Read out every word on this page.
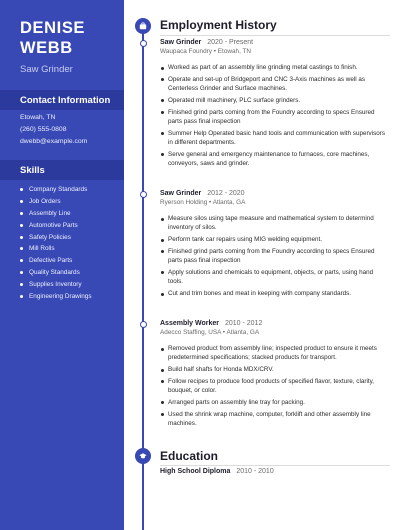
DENISE
WEBB
Saw Grinder
Contact Information
Etowah, TN
(260) 555-0808
dwebb@example.com
Skills
Company Standards
Job Orders
Assembly Line
Automotive Parts
Safety Policies
Mill Rolls
Defective Parts
Quality Standards
Supplies Inventory
Engineering Drawings
Employment History
Saw Grinder 2020 - Present
Waupaca Foundry • Etowah, TN
Worked as part of an assembly line grinding metal castings to finish.
Operate and set-up of Bridgeport and CNC 3-Axis machines as well as Centerless Grinder and Surface machines.
Operated mill machinery, PLC surface grinders.
Finished grind parts coming from the Foundry according to specs Ensured parts pass final inspection
Summer Help Operated basic hand tools and communication with supervisors in different departments.
Serve general and emergency maintenance to furnaces, core machines, conveyors, saws and grinder.
Saw Grinder 2012 - 2020
Ryerson Holding • Atlanta, GA
Measure silos using tape measure and mathematical system to determind inventory of silos.
Perform tank car repairs using MIG welding equipment.
Finished grind parts coming from the Foundry according to specs Ensured parts pass final inspection
Apply solutions and chemicals to equipment, objects, or parts, using hand tools.
Cut and trim bones and meat in keeping with company standards.
Assembly Worker 2010 - 2012
Adecco Staffing, USA • Atlanta, GA
Removed product from assembly line; inspected product to ensure it meets predetermined specifications; stacked products for transport.
Build half shafts for Honda MDX/CRV.
Follow recipes to produce food products of specified flavor, texture, clarity, bouquet, or color.
Arranged parts on assembly line tray for packing.
Used the shrink wrap machine, computer, forklift and other assembly line machines.
Education
High School Diploma 2010 - 2010
